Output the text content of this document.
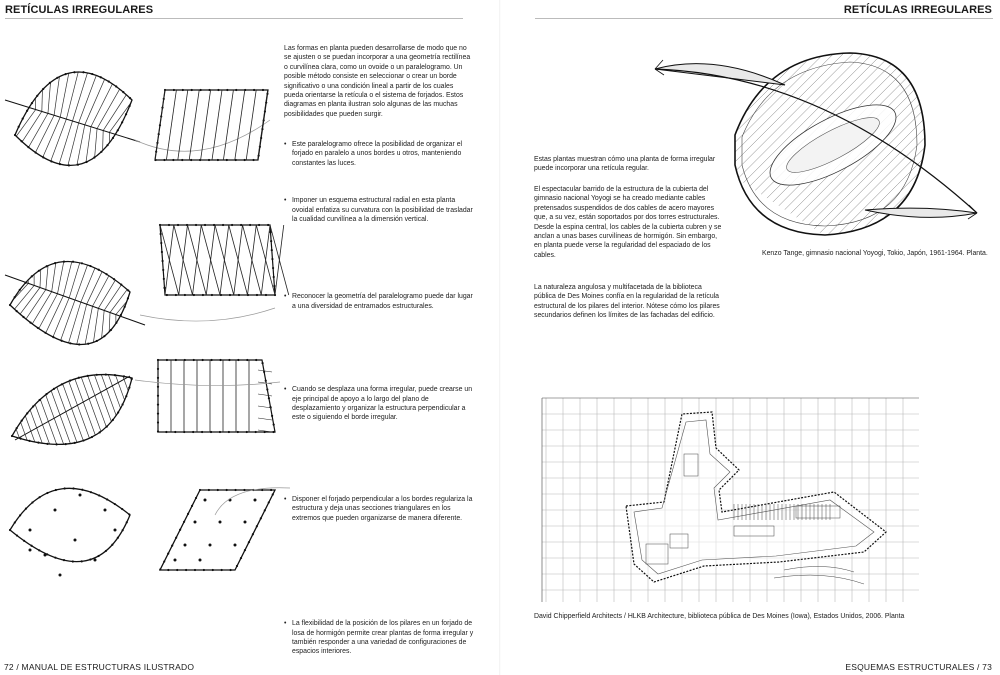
RETÍCULAS IRREGULARES
Las formas en planta pueden desarrollarse de modo que no se ajusten o se puedan incorporar a una geometría rectilínea o curvilínea clara, como un ovoide o un paralelogramo. Un posible método consiste en seleccionar o crear un borde significativo o una condición lineal a partir de los cuales pueda orientarse la retícula o el sistema de forjados. Estos diagramas en planta ilustran solo algunas de las muchas posibilidades que pueden surgir.
• Este paralelogramo ofrece la posibilidad de organizar el forjado en paralelo a unos bordes u otros, manteniendo constantes las luces.
• Imponer un esquema estructural radial en esta planta ovoidal enfatiza su curvatura con la posibilidad de trasladar la cualidad curvilínea a la dimensión vertical.
• Reconocer la geometría del paralelogramo puede dar lugar a una diversidad de entramados estructurales.
• Cuando se desplaza una forma irregular, puede crearse un eje principal de apoyo a lo largo del plano de desplazamiento y organizar la estructura perpendicular a este o siguiendo el borde irregular.
• Disponer el forjado perpendicular a los bordes regulariza la estructura y deja unas secciones triangulares en los extremos que pueden organizarse de manera diferente.
• La flexibilidad de la posición de los pilares en un forjado de losa de hormigón permite crear plantas de forma irregular y también responder a una variedad de configuraciones de espacios interiores.
72 / MANUAL DE ESTRUCTURAS ILUSTRADO
RETÍCULAS IRREGULARES
Estas plantas muestran cómo una planta de forma irregular puede incorporar una retícula regular.
El espectacular barrido de la estructura de la cubierta del gimnasio nacional Yoyogi se ha creado mediante cables pretensados suspendidos de dos cables de acero mayores que, a su vez, están soportados por dos torres estructurales. Desde la espina central, los cables de la cubierta cubren y se anclan a unas bases curvilíneas de hormigón. Sin embargo, en planta puede verse la regularidad del espaciado de los cables.
La naturaleza angulosa y multifacetada de la biblioteca pública de Des Moines confía en la regularidad de la retícula estructural de los pilares del interior. Nótese cómo los pilares secundarios definen los límites de las fachadas del edificio.
Kenzo Tange, gimnasio nacional Yoyogi, Tokio, Japón, 1961-1964. Planta.
David Chipperfield Architects / HLKB Architecture, biblioteca pública de Des Moines (Iowa), Estados Unidos, 2006. Planta
ESQUEMAS ESTRUCTURALES / 73
